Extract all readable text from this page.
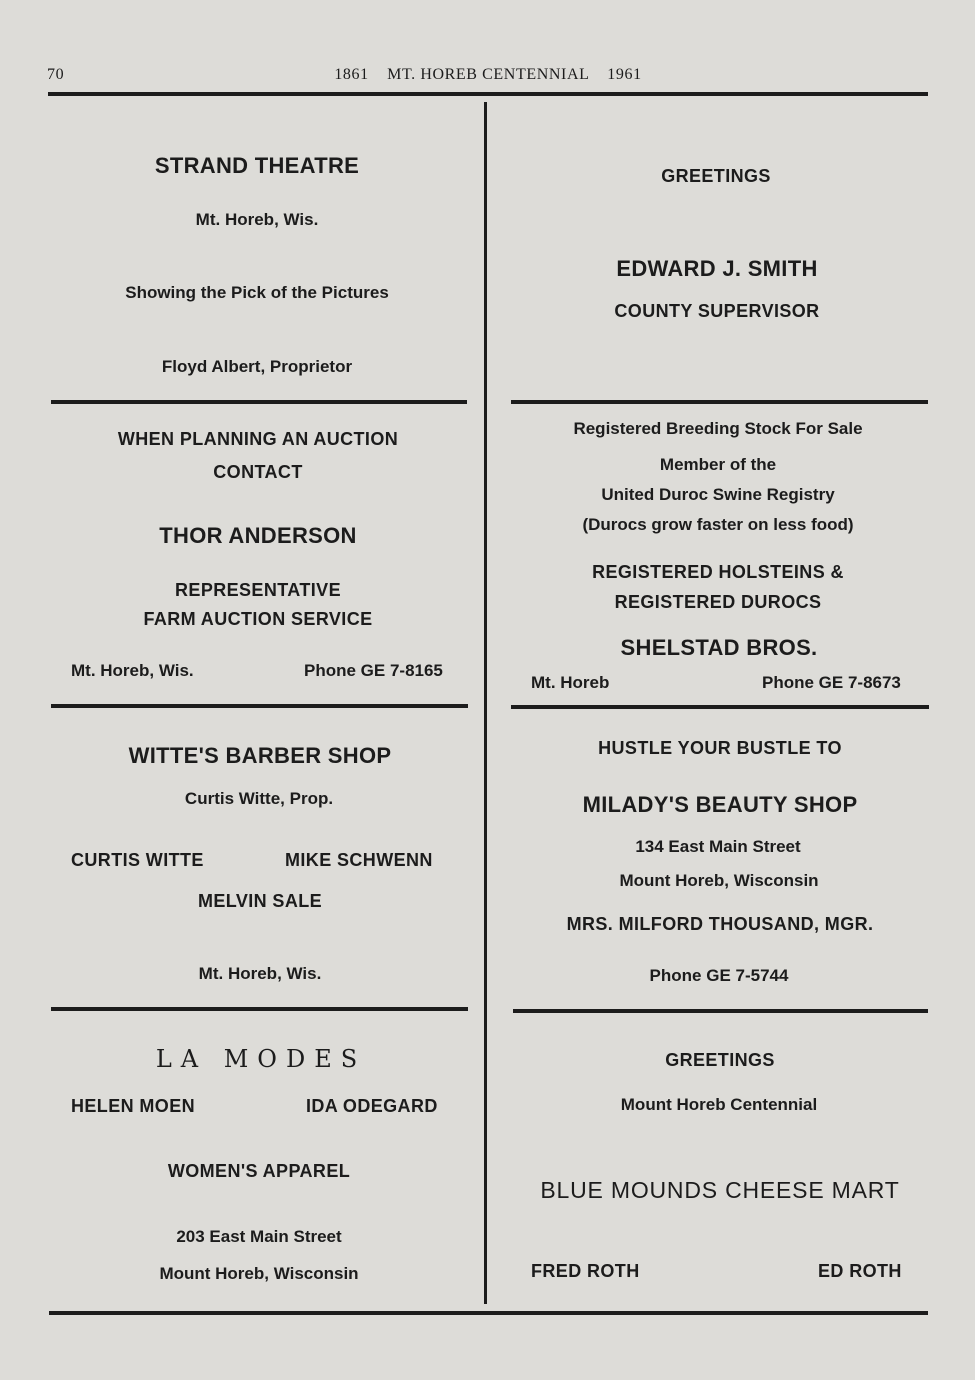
70	1861    MT. HOREB CENTENNIAL    1961
STRAND THEATRE
Mt. Horeb, Wis.
Showing the Pick of the Pictures
Floyd Albert, Proprietor
GREETINGS
EDWARD J. SMITH
COUNTY SUPERVISOR
WHEN PLANNING AN AUCTION
CONTACT
THOR ANDERSON
REPRESENTATIVE
FARM AUCTION SERVICE
Mt. Horeb, Wis.	Phone GE 7-8165
Registered Breeding Stock For Sale
Member of the
United Duroc Swine Registry
(Durocs grow faster on less food)
REGISTERED HOLSTEINS &
REGISTERED DUROCS
SHELSTAD BROS.
Mt. Horeb	Phone GE 7-8673
WITTE'S BARBER SHOP
Curtis Witte, Prop.
CURTIS WITTE	MIKE SCHWENN
MELVIN SALE
Mt. Horeb, Wis.
HUSTLE YOUR BUSTLE TO
MILADY'S BEAUTY SHOP
134 East Main Street
Mount Horeb, Wisconsin
MRS. MILFORD THOUSAND, MGR.
Phone GE 7-5744
LA MODES
HELEN MOEN	IDA ODEGARD
WOMEN'S APPAREL
203 East Main Street
Mount Horeb, Wisconsin
GREETINGS
Mount Horeb Centennial
BLUE MOUNDS CHEESE MART
FRED ROTH	ED ROTH
